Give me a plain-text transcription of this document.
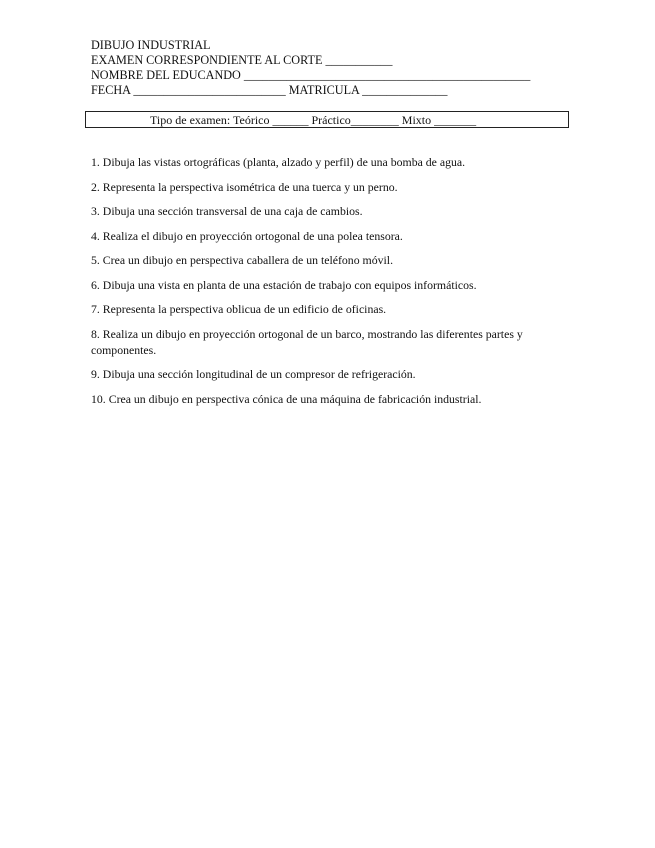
DIBUJO INDUSTRIAL
EXAMEN CORRESPONDIENTE AL CORTE ___________
NOMBRE DEL EDUCANDO _______________________________________________
FECHA _________________________ MATRICULA ______________
Tipo de examen: Teórico ______ Práctico________ Mixto _______
1. Dibuja las vistas ortográficas (planta, alzado y perfil) de una bomba de agua.
2. Representa la perspectiva isométrica de una tuerca y un perno.
3. Dibuja una sección transversal de una caja de cambios.
4. Realiza el dibujo en proyección ortogonal de una polea tensora.
5. Crea un dibujo en perspectiva caballera de un teléfono móvil.
6. Dibuja una vista en planta de una estación de trabajo con equipos informáticos.
7. Representa la perspectiva oblicua de un edificio de oficinas.
8. Realiza un dibujo en proyección ortogonal de un barco, mostrando las diferentes partes y componentes.
9. Dibuja una sección longitudinal de un compresor de refrigeración.
10. Crea un dibujo en perspectiva cónica de una máquina de fabricación industrial.
